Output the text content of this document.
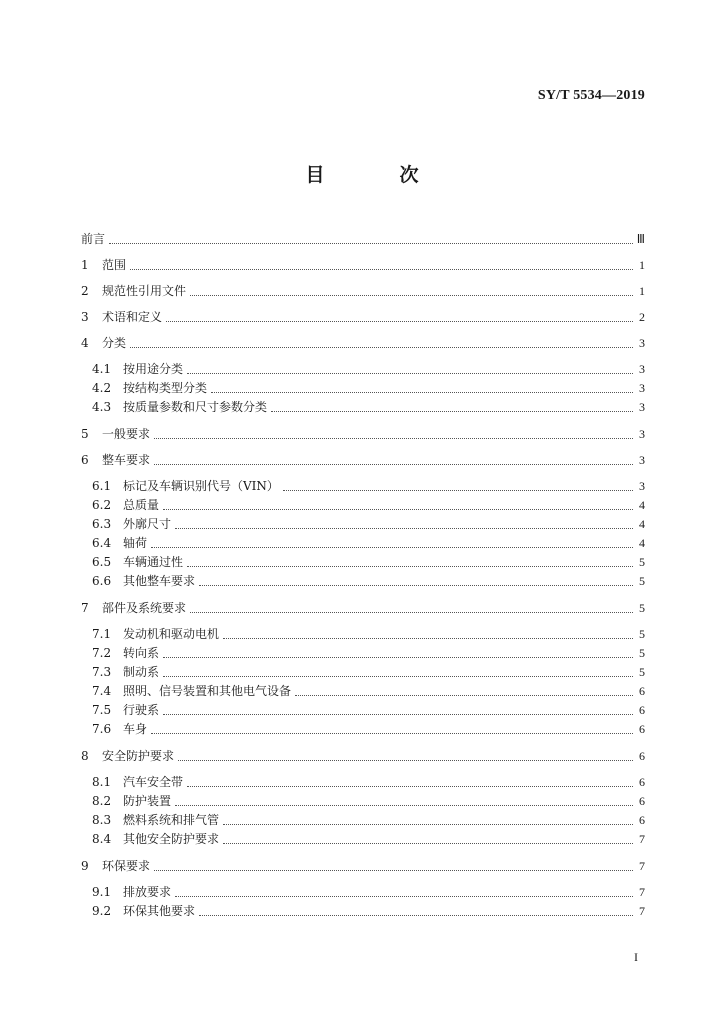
SY/T 5534—2019
目　次
前言	Ⅲ
1	范围	1
2	规范性引用文件	1
3	术语和定义	2
4	分类	3
4.1 按用途分类	3
4.2 按结构类型分类	3
4.3 按质量参数和尺寸参数分类	3
5	一般要求	3
6	整车要求	3
6.1 标记及车辆识别代号（VIN）	3
6.2 总质量	4
6.3 外廓尺寸	4
6.4 轴荷	4
6.5 车辆通过性	5
6.6 其他整车要求	5
7	部件及系统要求	5
7.1 发动机和驱动电机	5
7.2 转向系	5
7.3 制动系	5
7.4 照明、信号装置和其他电气设备	6
7.5 行驶系	6
7.6 车身	6
8	安全防护要求	6
8.1 汽车安全带	6
8.2 防护装置	6
8.3 燃料系统和排气管	6
8.4 其他安全防护要求	7
9	环保要求	7
9.1 排放要求	7
9.2 环保其他要求	7
I
